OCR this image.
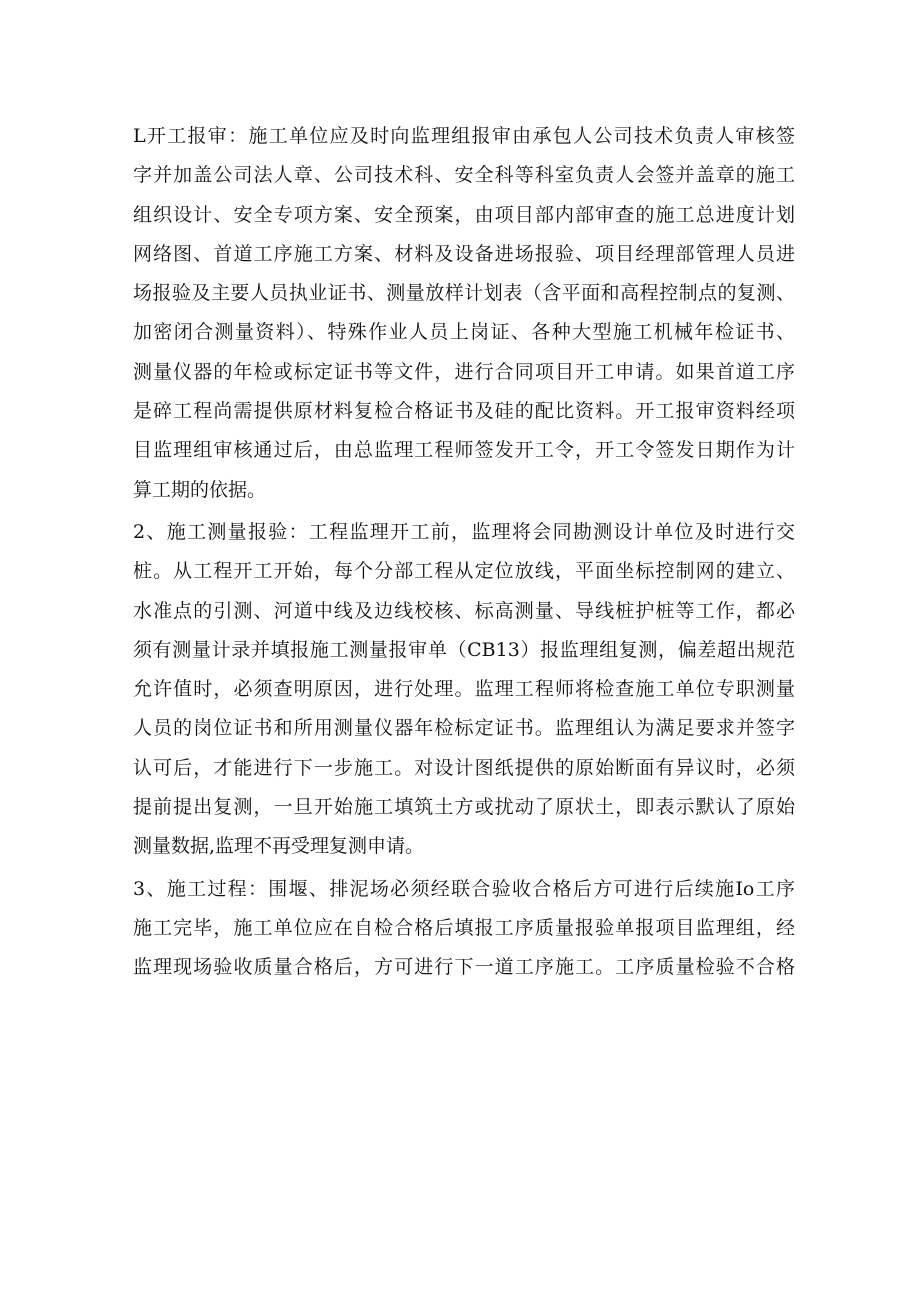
L开工报审：施工单位应及时向监理组报审由承包人公司技术负责人审核签
字并加盖公司法人章、公司技术科、安全科等科室负责人会签并盖章的施工
组织设计、安全专项方案、安全预案，由项目部内部审查的施工总进度计划
网络图、首道工序施工方案、材料及设备进场报验、项目经理部管理人员进
场报验及主要人员执业证书、测量放样计划表（含平面和高程控制点的复测、
加密闭合测量资料）、特殊作业人员上岗证、各种大型施工机械年检证书、
测量仪器的年检或标定证书等文件，进行合同项目开工申请。如果首道工序
是碎工程尚需提供原材料复检合格证书及硅的配比资料。开工报审资料经项
目监理组审核通过后，由总监理工程师签发开工令，开工令签发日期作为计
算工期的依据。
2、施工测量报验：工程监理开工前，监理将会同勘测设计单位及时进行交
桩。从工程开工开始，每个分部工程从定位放线，平面坐标控制网的建立、
水准点的引测、河道中线及边线校核、标高测量、导线桩护桩等工作，都必
须有测量计录并填报施工测量报审单（CB13）报监理组复测，偏差超出规范
允许值时，必须查明原因，进行处理。监理工程师将检查施工单位专职测量
人员的岗位证书和所用测量仪器年检标定证书。监理组认为满足要求并签字
认可后，才能进行下一步施工。对设计图纸提供的原始断面有异议时，必须
提前提出复测，一旦开始施工填筑土方或扰动了原状土，即表示默认了原始
测量数据,监理不再受理复测申请。
3、施工过程：围堰、排泥场必须经联合验收合格后方可进行后续施Io工序
施工完毕，施工单位应在自检合格后填报工序质量报验单报项目监理组，经
监理现场验收质量合格后，方可进行下一道工序施工。工序质量检验不合格
